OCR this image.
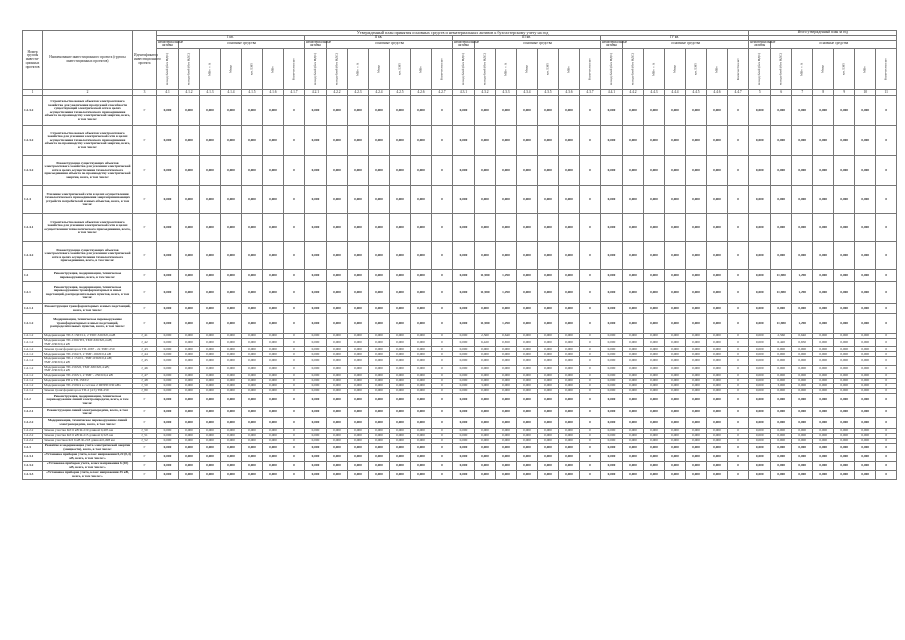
Номер группы инвести-ционных проектов	Наименование инвестиционного проекта (группы инвестиционных проектов)	Идентификатор инвестиционного проекта	Утвержденный план принятия основных средств и нематериальных активов к бухгалтерскому учету на год																												Итого утвержденный план за год						
			I кв.							II кв.							III кв.							IV кв.													
			нематериальные активы	основные средства						нематериальные активы	основные средства						нематериальные активы	основные средства						нематериальные активы	основные средства						нематериальные активы	основные средства					
			млн.рублей (без НДС)	млн.рублей (без НДС)	МВт×А	Мвар	км ЛЭП	МВт	Количество шт	млн.рублей (без НДС)	млн.рублей (без НДС)	МВт×А	Мвар	км ЛЭП	МВт	Количество шт	млн.рублей (без НДС)	млн.рублей (без НДС)	МВт×А	Мвар	км ЛЭП	МВт	Количество шт	млн.рублей (без НДС)	млн.рублей (без НДС)	МВт×А	Мвар	км ЛЭП	МВт	Количество шт	млн.рублей (без НДС)	млн.рублей (без НДС)	МВт×А	Мвар	км ЛЭП	МВт	Количество шт
1	2	3	4.1	4.1.2	4.1.3	4.1.4	4.1.5	4.1.6	4.1.7	4.2.1	4.2.2	4.2.3	4.2.4	4.2.5	4.2.6	4.2.7	4.3.1	4.3.2	4.3.3	4.3.4	4.3.5	4.3.6	4.3.7	4.4.1	4.4.2	4.4.3	4.4.4	4.4.5	4.4.6	4.4.7	5	6	7	8	9	10	11
1.2.3.2	Строительство новых объектов электросетевого хозяйства для увеличения пропускной способности существующей электрической сети в целях осуществления технологического присоединения объекта по производству электрической энергии, всего, в том числе:	Г	0,000	0,000	0,000	0,000	0,000	0,000	0	0,000	0,000	0,000	0,000	0,000	0,000	0	0,000	0,000	0,000	0,000	0,000	0,000	0	0,000	0,000	0,000	0,000	0,000	0,000	0	0,000	0,000	0,000	0,000	0,000	0,000	0
1.2.3.2	Строительство новых объектов электросетевого хозяйства для усиления электрической сети в целях осуществления технологического присоединения объекта по производству электрической энергии, всего, в том числе:	Г	0,000	0,000	0,000	0,000	0,000	0,000	0	0,000	0,000	0,000	0,000	0,000	0,000	0	0,000	0,000	0,000	0,000	0,000	0,000	0	0,000	0,000	0,000	0,000	0,000	0,000	0	0,000	0,000	0,000	0,000	0,000	0,000	0
1.2.3.2	Реконструкция существующих объектов электросетевого хозяйства для усиления электрической сети в целях осуществления технологического присоединения объекта по производству электрической энергии, всего, в том числе:	Г	0,000	0,000	0,000	0,000	0,000	0,000	0	0,000	0,000	0,000	0,000	0,000	0,000	0	0,000	0,000	0,000	0,000	0,000	0,000	0	0,000	0,000	0,000	0,000	0,000	0,000	0	0,000	0,000	0,000	0,000	0,000	0,000	0
1.2.4	Усиление электрической сети в целях осуществления технологического присоединения энергопринимающих устройств потребителей и иных объектов, всего, в том числе:	Г	0,000	0,000	0,000	0,000	0,000	0,000	0	0,000	0,000	0,000	0,000	0,000	0,000	0	0,000	0,000	0,000	0,000	0,000	0,000	0	0,000	0,000	0,000	0,000	0,000	0,000	0	0,000	0,000	0,000	0,000	0,000	0,000	0
1.2.4.1	Строительство новых объектов электросетевого хозяйства для усиления электрической сети в целях осуществления технологического присоединения, всего, в том числе:	Г	0,000	0,000	0,000	0,000	0,000	0,000	0	0,000	0,000	0,000	0,000	0,000	0,000	0	0,000	0,000	0,000	0,000	0,000	0,000	0	0,000	0,000	0,000	0,000	0,000	0,000	0	0,000	0,000	0,000	0,000	0,000	0,000	0
1.2.4.2	Реконструкция существующих объектов электросетевого хозяйства для усиления электрической сети в целях осуществления технологического присоединения, всего, в том числе:	Г	0,000	0,000	0,000	0,000	0,000	0,000	0	0,000	0,000	0,000	0,000	0,000	0,000	0	0,000	0,000	0,000	0,000	0,000	0,000	0	0,000	0,000	0,000	0,000	0,000	0,000	0	0,000	0,000	0,000	0,000	0,000	0,000	0
1.2	Реконструкция, модернизация, техническое перевооружение, всего, в том числе:	Г	0,000	0,000	0,000	0,000	0,000	0,000	0	0,000	0,000	0,000	0,000	0,000	0,000	0	0,000	11,980	1,290	0,000	0,000	0,000	0	0,000	0,000	0,000	0,000	0,000	0,000	0	0,000	11,980	1,290	0,000	0,000	0,000	0
1.2.1	Реконструкция, модернизация, техническое перевооружение трансформаторных и иных подстанций, распределительных пунктов, всего, в том числе:	Г	0,000	0,000	0,000	0,000	0,000	0,000	0	0,000	0,000	0,000	0,000	0,000	0,000	0	0,000	11,980	1,290	0,000	0,000	0,000	0	0,000	0,000	0,000	0,000	0,000	0,000	0	0,000	11,980	1,290	0,000	0,000	0,000	0
1.2.1.1	Реконструкция трансформаторных и иных подстанций, всего, в том числе:	Г	0,000	0,000	0,000	0,000	0,000	0,000	0	0,000	0,000	0,000	0,000	0,000	0,000	0	0,000	0,000	0,000	0,000	0,000	0,000	0	0,000	0,000	0,000	0,000	0,000	0,000	0	0,000	0,000	0,000	0,000	0,000	0,000	0
1.2.1.2	Модернизация, техническое перевооружение трансформаторных и иных подстанций, распределительных пунктов, всего, в том числе:	Г	0,000	0,000	0,000	0,000	0,000	0,000	0	0,000	0,000	0,000	0,000	0,000	0,000	0	0,000	11,980	1,290	0,000	0,000	0,000	0	0,000	0,000	0,000	0,000	0,000	0,000	0	0,000	11,980	1,290	0,000	0,000	0,000	0
1.2.1.2	Модернизация ТП-3 1563/12, 2 ТМГ-320/6/0,4 кВ	J_41	0,000	0,000	0,000	0,000	0,000	0,000	0	0,000	0,000	0,000	0,000	0,000	0,000	0	0,000	2,560	0,640	0,000	0,000	0,000	0	0,000	0,000	0,000	0,000	0,000	0,000	0	0,000	2,560	0,640	0,000	0,000	0,000	0
1.2.1.2	Модернизация ТП-1390/ТП, ТМГ-630/6/0,4 кВ; ТМГ-630/6/0,4 кВ	J_42	0,000	0,000	0,000	0,000	0,000	0,000	0	0,000	0,000	0,000	0,000	0,000	0,000	0	0,000	6,420	0,650	0,000	0,000	0,000	0	0,000	0,000	0,000	0,000	0,000	0,000	0	0,000	6,420	0,650	0,000	0,000	0,000	0
1.2.1.2	Замена трансформатора в ТП-1067 - 2x ТМГ-250	J_43	0,000	0,000	0,000	0,000	0,000	0,000	0	0,000	0,000	0,000	0,000	0,000	0,000	0	0,000	0,000	0,000	0,000	0,000	0,000	0	0,000	0,000	0,000	0,000	0,000	0,000	0	0,000	0,000	0,000	0,000	0,000	0,000	0
1.2.1.2	Модернизация ТП-1562/3, 2 ТМГ-160/6/0,4 кВ	J_44	0,000	0,000	0,000	0,000	0,000	0,000	0	0,000	0,000	0,000	0,000	0,000	0,000	0	0,000	0,000	0,000	0,000	0,000	0,000	0	0,000	0,000	0,000	0,000	0,000	0,000	0	0,000	0,000	0,000	0,000	0,000	0,000	0
1.2.1.2	Модернизация ТП-1 1510/1, ТМГ-630/6/0,4 кВ; ТМГ-630/6/0,4 кВ	J_45	0,000	0,000	0,000	0,000	0,000	0,000	0	0,000	0,000	0,000	0,000	0,000	0,000	0	0,000	0,000	0,000	0,000	0,000	0,000	0	0,000	0,000	0,000	0,000	0,000	0,000	0	0,000	0,000	0,000	0,000	0,000	0,000	0
1.2.1.2	Модернизация ТП-1563/6, ТМГ-630/6/0,4 кВ; ТМГ-630/6/0,4 кВ	J_46	0,000	0,000	0,000	0,000	0,000	0,000	0	0,000	0,000	0,000	0,000	0,000	0,000	0	0,000	0,000	0,000	0,000	0,000	0,000	0	0,000	0,000	0,000	0,000	0,000	0,000	0	0,000	0,000	0,000	0,000	0,000	0,000	0
1.2.1.2	Модернизация ТП-1563/1, 2 ТМГ - 250/6/0,4 кВ	J_47	0,000	0,000	0,000	0,000	0,000	0,000	0	0,000	0,000	0,000	0,000	0,000	0,000	0	0,000	0,000	0,000	0,000	0,000	0,000	0	0,000	0,000	0,000	0,000	0,000	0,000	0	0,000	0,000	0,000	0,000	0,000	0,000	0
1.2.1.2	Модернизация РП в ТП-1563/2	J_48	0,000	0,000	0,000	0,000	0,000	0,000	0	0,000	0,000	0,000	0,000	0,000	0,000	0	0,000	0,000	0,000	0,000	0,000	0,000	0	0,000	0,000	0,000	0,000	0,000	0,000	0	0,000	0,000	0,000	0,000	0,000	0,000	0
1.2.1.2	Модернизация ТП-1509/4 в составе 2 ШТРП 630 кВа	J_50	0,000	0,000	0,000	0,000	0,000	0,000	0	0,000	0,000	0,000	0,000	0,000	0,000	0	0,000	3,000	0,000	0,000	0,000	0,000	0	0,000	0,000	0,000	0,000	0,000	0,000	0	0,000	3,000	0,000	0,000	0,000	0,000	0
1.2.1.2	Замена трансформатора в ТП-2 (4 б) ТМ-250	J_80	0,000	0,000	0,000	0,000	0,000	0,000	0	0,000	0,000	0,000	0,000	0,000	0,000	0	0,000	0,000	0,000	0,000	0,000	0,000	0	0,000	0,000	0,000	0,000	0,000	0,000	0	0,000	0,000	0,000	0,000	0,000	0,000	0
1.2.2	Реконструкция, модернизация, техническое перевооружение линий электропередачи, всего, в том числе:	Г	0,000	0,000	0,000	0,000	0,000	0,000	0	0,000	0,000	0,000	0,000	0,000	0,000	0	0,000	0,000	0,000	0,000	0,000	0,000	0	0,000	0,000	0,000	0,000	0,000	0,000	0	0,000	0,000	0,000	0,000	0,000	0,000	0
1.2.2.1	Реконструкция линий электропередачи, всего, в том числе:	Г	0,000	0,000	0,000	0,000	0,000	0,000	0	0,000	0,000	0,000	0,000	0,000	0,000	0	0,000	0,000	0,000	0,000	0,000	0,000	0	0,000	0,000	0,000	0,000	0,000	0,000	0	0,000	0,000	0,000	0,000	0,000	0,000	0
1.2.2.2	Модернизация, техническое перевооружение линий электропередачи, всего, в том числе:	Г	0,000	0,000	0,000	0,000	0,000	0,000	0	0,000	0,000	0,000	0,000	0,000	0,000	0	0,000	0,000	0,000	0,000	0,000	0,000	0	0,000	0,000	0,000	0,000	0,000	0,000	0	0,000	0,000	0,000	0,000	0,000	0,000	0
1.2.2.2	Замена участка КЛ 6 кВ Ф-219 длиной 0,405 км	J_50	0,000	0,000	0,000	0,000	0,000	0,000	0	0,000	0,000	0,000	0,000	0,000	0,000	0	0,000	0,000	0,000	0,000	0,000	0,000	0	0,000	0,000	0,000	0,000	0,000	0,000	0	0,000	0,000	0,000	0,000	0,000	0,000	0
1.2.2.2	Замена участка КЛ 6 кВ Ф-215 длиной 0,323 км	J_51	0,000	0,000	0,000	0,000	0,000	0,000	0	0,000	0,000	0,000	0,000	0,000	0,000	0	0,000	0,000	0,000	0,000	0,000	0,000	0	0,000	0,000	0,000	0,000	0,000	0,000	0	0,000	0,000	0,000	0,000	0,000	0,000	0
1.2.2.2	Замена участков КЛ 6 кВ Ф-218 длиной 0,498 км	J_52	0,000	0,000	0,000	0,000	0,000	0,000	0	0,000	0,000	0,000	0,000	0,000	0,000	0	0,000	0,000	0,000	0,000	0,000	0,000	0	0,000	0,000	0,000	0,000	0,000	0,000	0	0,000	0,000	0,000	0,000	0,000	0,000	0
1.2.3	Развитие и модернизация учета электрической энергии (мощности), всего, в том числе:	Г	0,000	0,000	0,000	0,000	0,000	0,000	0	0,000	0,000	0,000	0,000	0,000	0,000	0	0,000	0,000	0,000	0,000	0,000	0,000	0	0,000	0,000	0,000	0,000	0,000	0,000	0	0,000	0,000	0,000	0,000	0,000	0,000	0
1.2.3.1	«Установка приборов учета, класс напряжения 0,22 (0,4) кВ, всего, в том числе:»	Г	0,000	0,000	0,000	0,000	0,000	0,000	0	0,000	0,000	0,000	0,000	0,000	0,000	0	0,000	0,000	0,000	0,000	0,000	0,000	0	0,000	0,000	0,000	0,000	0,000	0,000	0	0,000	0,000	0,000	0,000	0,000	0,000	0
1.2.3.2	«Установка приборов учета, класс напряжения 6 (10) кВ, всего, в том числе:»	Г	0,000	0,000	0,000	0,000	0,000	0,000	0	0,000	0,000	0,000	0,000	0,000	0,000	0	0,000	0,000	0,000	0,000	0,000	0,000	0	0,000	0,000	0,000	0,000	0,000	0,000	0	0,000	0,000	0,000	0,000	0,000	0,000	0
1.2.3.3	«Установка приборов учета, класс напряжения 35 кВ, всего, в том числе:»	Г	0,000	0,000	0,000	0,000	0,000	0,000	0	0,000	0,000	0,000	0,000	0,000	0,000	0	0,000	0,000	0,000	0,000	0,000	0,000	0	0,000	0,000	0,000	0,000	0,000	0,000	0	0,000	0,000	0,000	0,000	0,000	0,000	0
